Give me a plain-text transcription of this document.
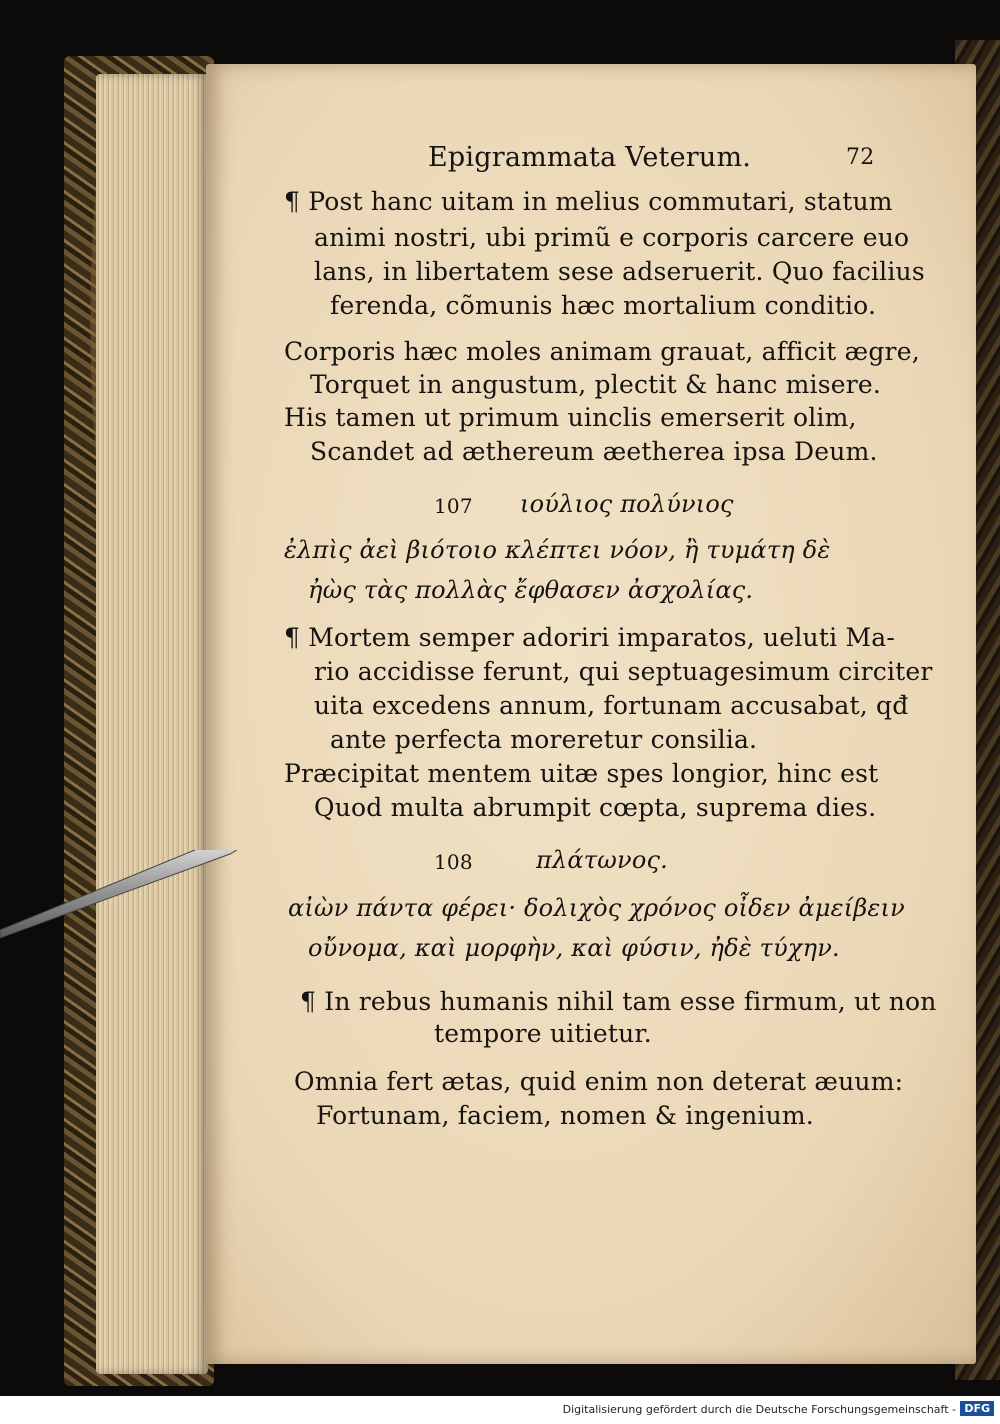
Epigrammata Veterum.	72
¶ Post hanc uitam in melius commutari, statum
animi nostri, ubi primũ e corporis carcere euo
lans, in libertatem sese adseruerit. Quo facilius
ferenda, cõmunis hæc mortalium conditio.
Corporis hæc moles animam grauat, afficit ægre,
Torquet in angustum, plectit & hanc misere.
His tamen ut primum uinclis emerserit olim,
Scandet ad æthereum æetherea ipsa Deum.
107 ιούλιος πολύνιος
ἐλπὶς ἀεὶ βιότοιο κλέπτει νόον, ἢ τυμάτη δὲ
ἠὼς τὰς πολλὰς ἔφθασεν ἀσχολίας.
¶ Mortem semper adoriri imparatos, ueluti Ma-
rio accidisse ferunt, qui septuagesimum circiter
uita excedens annum, fortunam accusabat, qđ
ante perfecta moreretur consilia.
Præcipitat mentem uitæ spes longior, hinc est
Quod multa abrumpit cœpta, suprema dies.
108	πλάτωνος.
αἰὼν πάντα φέρει· δολιχὸς χρόνος οἶδεν ἀμείβειν
οὔνομα, καὶ μορφὴν, καὶ φύσιν, ἠδὲ τύχην.
¶ In rebus humanis nihil tam esse firmum, ut non
tempore uitietur.
Omnia fert ætas, quid enim non deterat æuum:
Fortunam, faciem, nomen & ingenium.
Digitalisierung gefördert durch die Deutsche Forschungsgemeinschaft - DFG
